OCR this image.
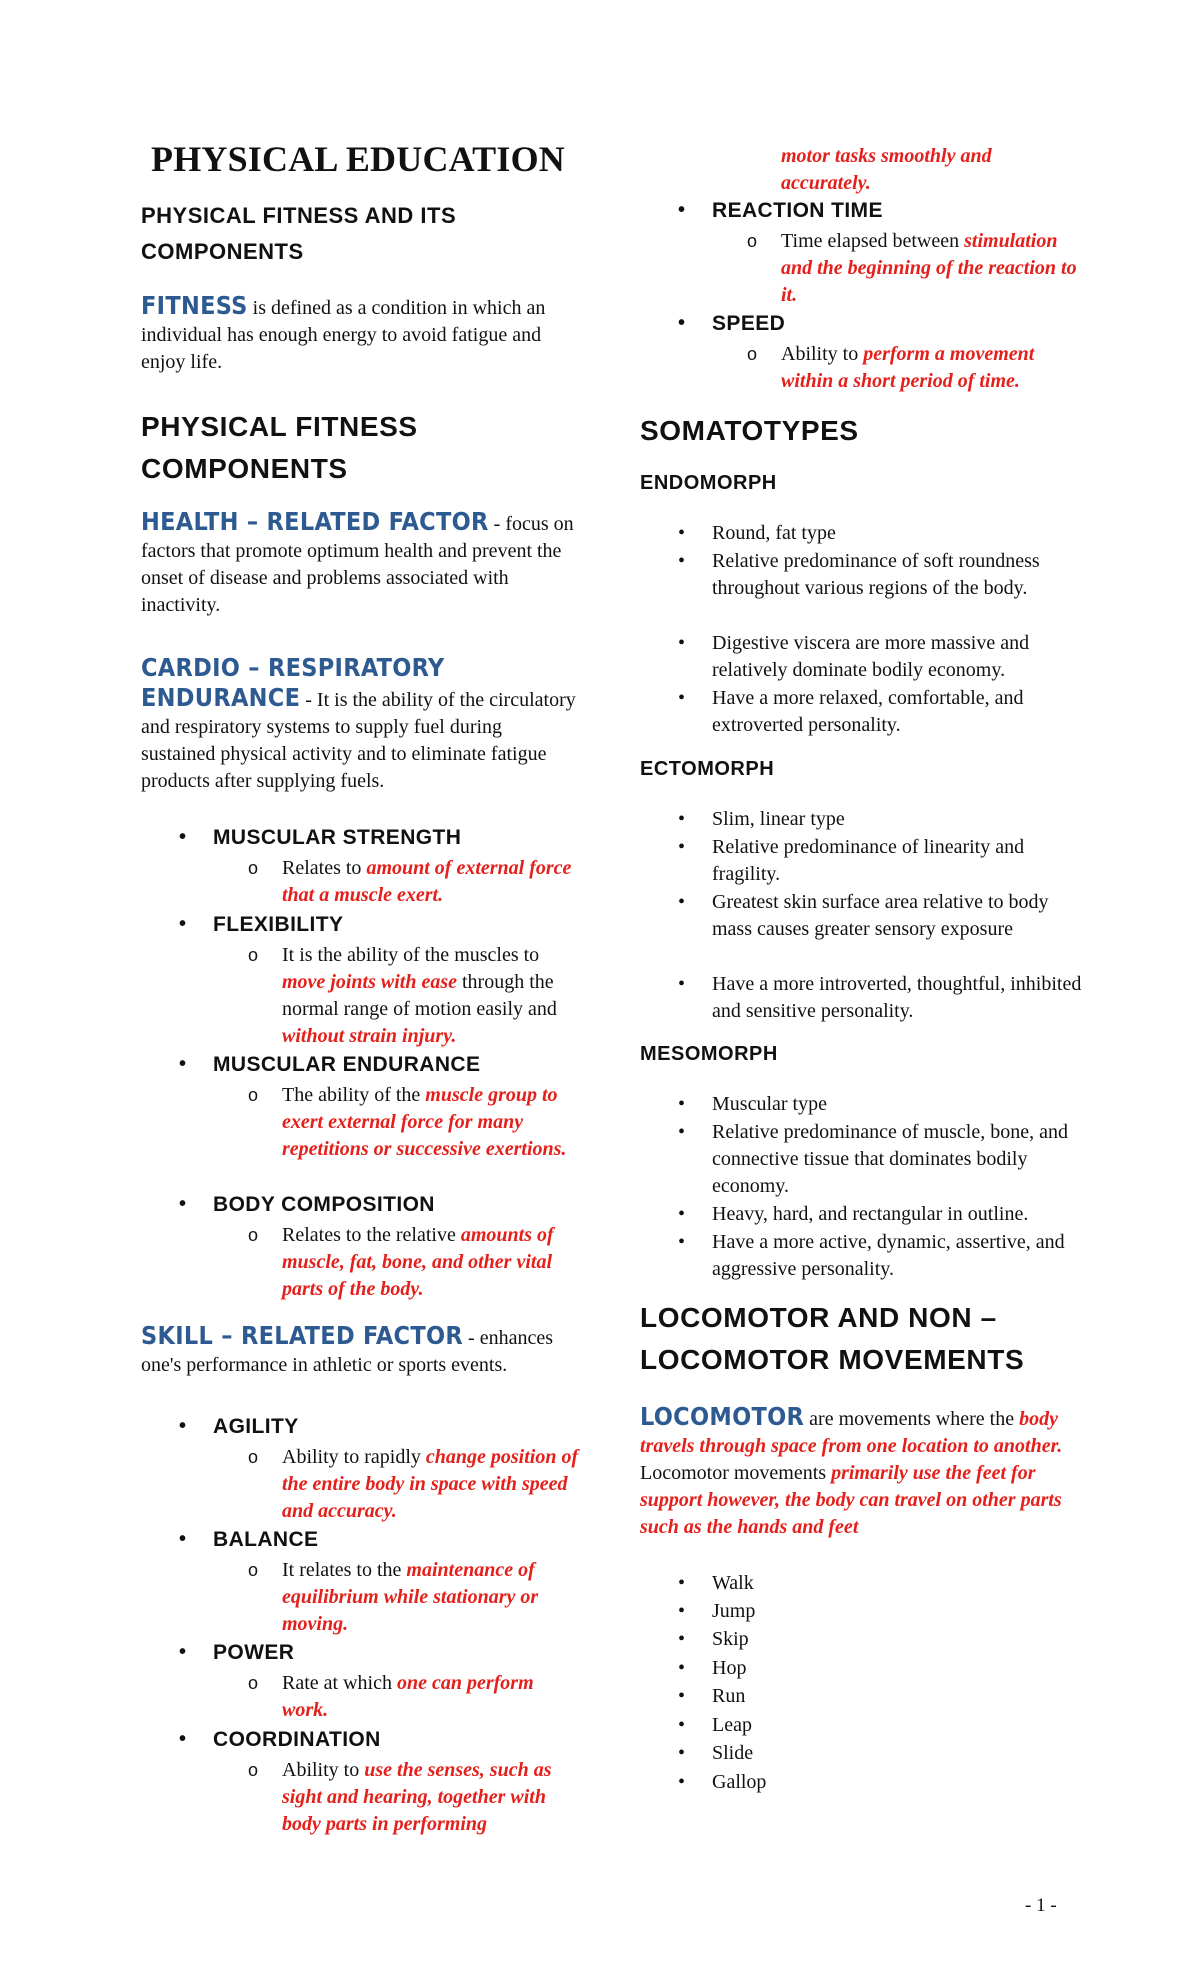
PHYSICAL EDUCATION
PHYSICAL FITNESS AND ITS COMPONENTS
FITNESS is defined as a condition in which an individual has enough energy to avoid fatigue and enjoy life.
PHYSICAL FITNESS COMPONENTS
HEALTH – RELATED FACTOR - focus on factors that promote optimum health and prevent the onset of disease and problems associated with inactivity.
CARDIO – RESPIRATORY ENDURANCE - It is the ability of the circulatory and respiratory systems to supply fuel during sustained physical activity and to eliminate fatigue products after supplying fuels.
• MUSCULAR STRENGTH
o Relates to amount of external force that a muscle exert.
• FLEXIBILITY
o It is the ability of the muscles to move joints with ease through the normal range of motion easily and without strain injury.
• MUSCULAR ENDURANCE
o The ability of the muscle group to exert external force for many repetitions or successive exertions.
• BODY COMPOSITION
o Relates to the relative amounts of muscle, fat, bone, and other vital parts of the body.
SKILL – RELATED FACTOR - enhances one's performance in athletic or sports events.
• AGILITY
o Ability to rapidly change position of the entire body in space with speed and accuracy.
• BALANCE
o It relates to the maintenance of equilibrium while stationary or moving.
• POWER
o Rate at which one can perform work.
• COORDINATION
o Ability to use the senses, such as sight and hearing, together with body parts in performing
motor tasks smoothly and accurately.
• REACTION TIME
o Time elapsed between stimulation and the beginning of the reaction to it.
• SPEED
o Ability to perform a movement within a short period of time.
SOMATOTYPES
ENDOMORPH
• Round, fat type
• Relative predominance of soft roundness throughout various regions of the body.
• Digestive viscera are more massive and relatively dominate bodily economy.
• Have a more relaxed, comfortable, and extroverted personality.
ECTOMORPH
• Slim, linear type
• Relative predominance of linearity and fragility.
• Greatest skin surface area relative to body mass causes greater sensory exposure
• Have a more introverted, thoughtful, inhibited and sensitive personality.
MESOMORPH
• Muscular type
• Relative predominance of muscle, bone, and connective tissue that dominates bodily economy.
• Heavy, hard, and rectangular in outline.
• Have a more active, dynamic, assertive, and aggressive personality.
LOCOMOTOR AND NON – LOCOMOTOR MOVEMENTS
LOCOMOTOR are movements where the body travels through space from one location to another. Locomotor movements primarily use the feet for support however, the body can travel on other parts such as the hands and feet
• Walk
• Jump
• Skip
• Hop
• Run
• Leap
• Slide
• Gallop
- 1 -
